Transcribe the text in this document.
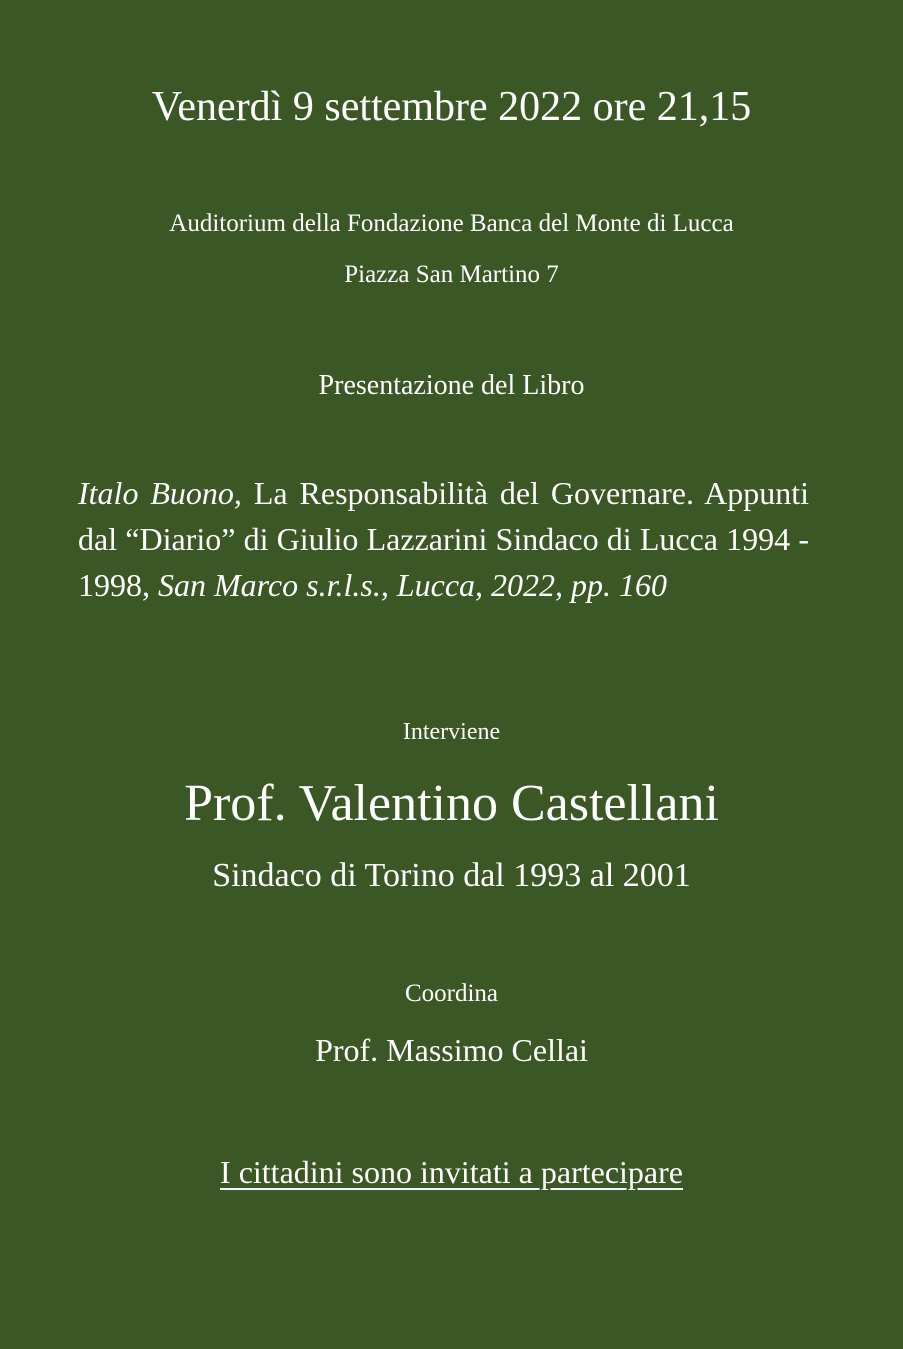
Venerdì 9 settembre 2022 ore 21,15
Auditorium della Fondazione Banca del Monte di Lucca
Piazza San Martino 7
Presentazione del Libro
Italo Buono, La Responsabilità del Governare. Appunti dal “Diario” di Giulio Lazzarini Sindaco di Lucca 1994 - 1998, San Marco s.r.l.s., Lucca, 2022, pp. 160
Interviene
Prof. Valentino Castellani
Sindaco di Torino dal 1993 al 2001
Coordina
Prof. Massimo Cellai
I cittadini sono invitati a partecipare
